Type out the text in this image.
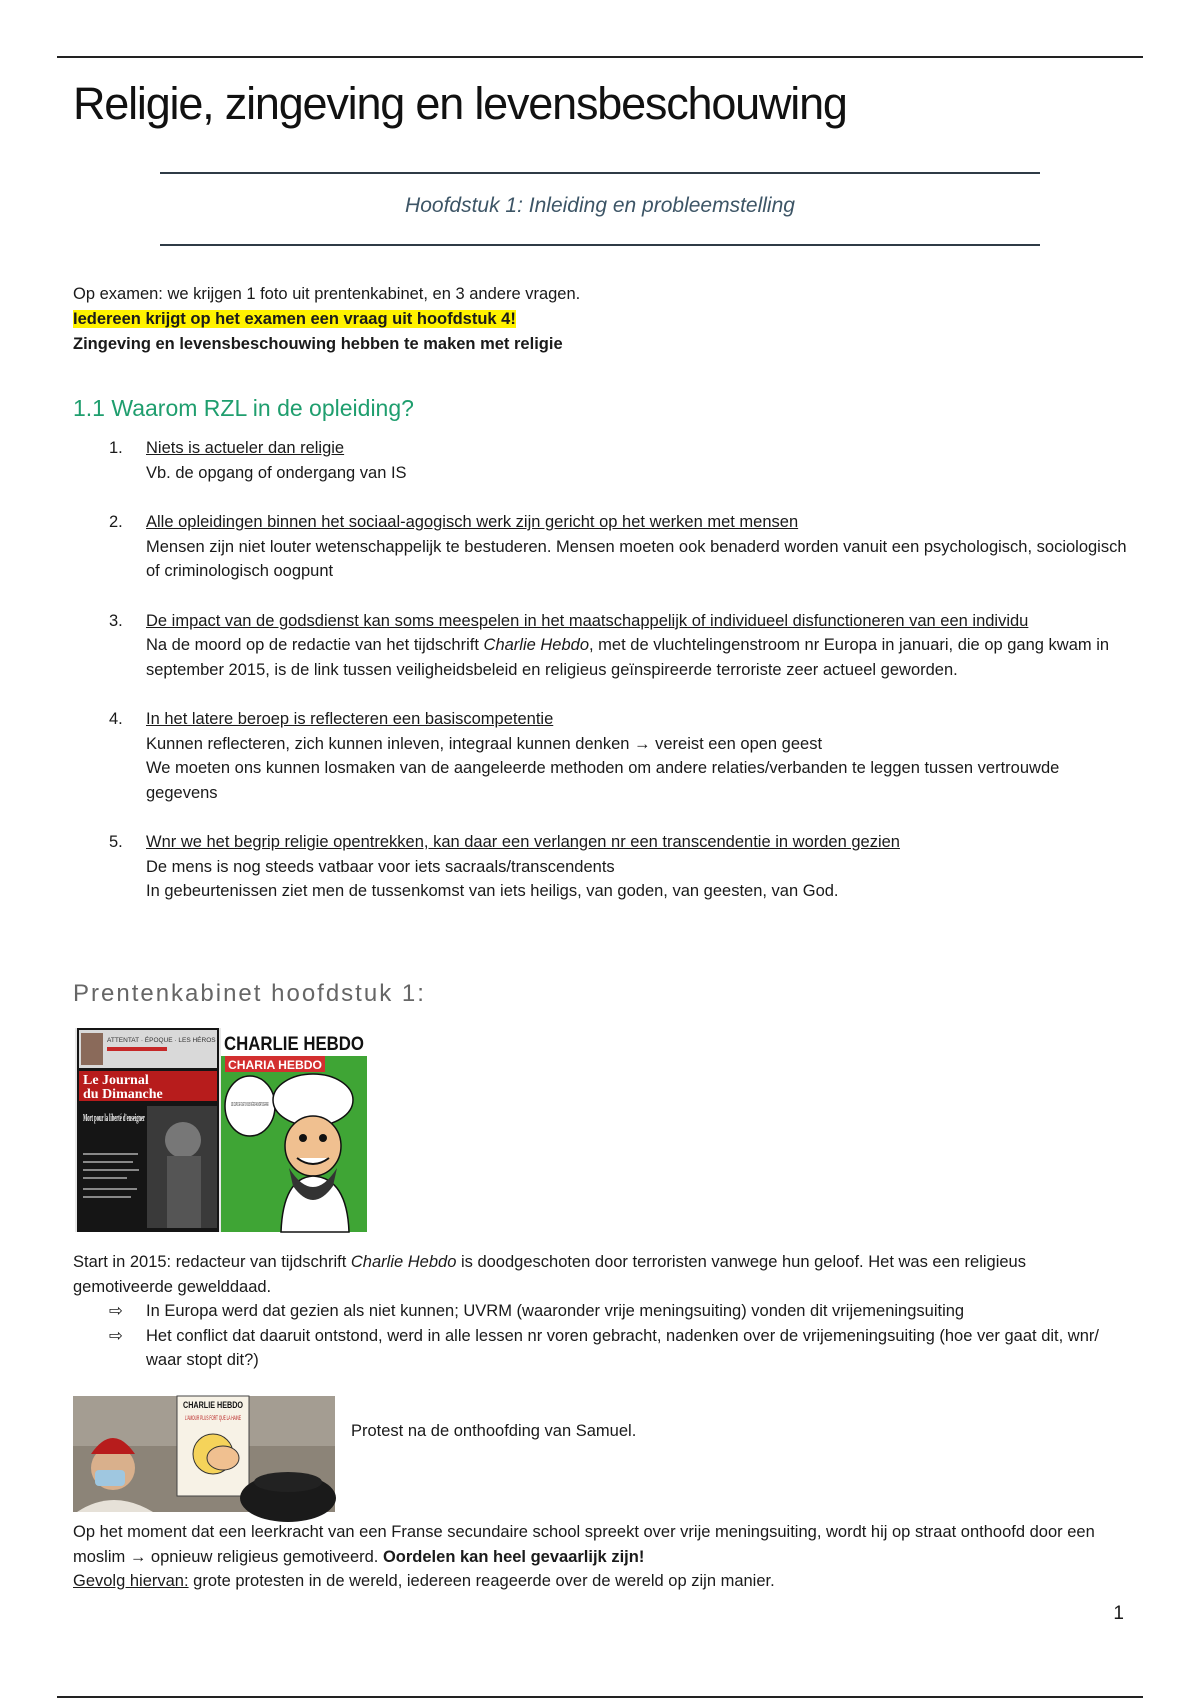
Religie, zingeving en levensbeschouwing
Hoofdstuk 1: Inleiding en probleemstelling
Op examen: we krijgen 1 foto uit prentenkabinet, en 3 andere vragen.
Iedereen krijgt op het examen een vraag uit hoofdstuk 4!
Zingeving en levensbeschouwing hebben te maken met religie
1.1 Waarom RZL in de opleiding?
1. Niets is actueler dan religie
Vb. de opgang of ondergang van IS
2. Alle opleidingen binnen het sociaal-agogisch werk zijn gericht op het werken met mensen
Mensen zijn niet louter wetenschappelijk te bestuderen. Mensen moeten ook benaderd worden vanuit een psychologisch, sociologisch of criminologisch oogpunt
3. De impact van de godsdienst kan soms meespelen in het maatschappelijk of individueel disfunctioneren van een individu
Na de moord op de redactie van het tijdschrift Charlie Hebdo, met de vluchtelingenstroom nr Europa in januari, die op gang kwam in september 2015, is de link tussen veiligheidsbeleid en religieus geïnspireerde terroriste zeer actueel geworden.
4. In het latere beroep is reflecteren een basiscompetentie
Kunnen reflecteren, zich kunnen inleven, integraal kunnen denken → vereist een open geest
We moeten ons kunnen losmaken van de aangeleerde methoden om andere relaties/verbanden te leggen tussen vertrouwde gegevens
5. Wnr we het begrip religie opentrekken, kan daar een verlangen nr een transcendentie in worden gezien
De mens is nog steeds vatbaar voor iets sacraals/transcendents
In gebeurtenissen ziet men de tussenkomst van iets heiligs, van goden, van geesten, van God.
Prentenkabinet hoofdstuk 1:
ATTENTAT · ÉPOQUE · LES HÉROS
Le Journal
du Dimanche
Mort pour la liberté d'enseigner
CHARLIE HEBDO
CHARIA HEBDO
Start in 2015: redacteur van tijdschrift Charlie Hebdo is doodgeschoten door terroristen vanwege hun geloof. Het was een religieus gemotiveerde gewelddaad.
⇨ In Europa werd dat gezien als niet kunnen; UVRM (waaronder vrije meningsuiting) vonden dit vrijemeningsuiting
⇨ Het conflict dat daaruit ontstond, werd in alle lessen nr voren gebracht, nadenken over de vrijemeningsuiting (hoe ver gaat dit, wnr/ waar stopt dit?)
CHARLIE HEBDO
L'AMOUR PLUS FORT QUE LA HAINE
Protest na de onthoofding van Samuel.
Op het moment dat een leerkracht van een Franse secundaire school spreekt over vrije meningsuiting, wordt hij op straat onthoofd door een moslim → opnieuw religieus gemotiveerd. Oordelen kan heel gevaarlijk zijn!
Gevolg hiervan: grote protesten in de wereld, iedereen reageerde over de wereld op zijn manier.
1
